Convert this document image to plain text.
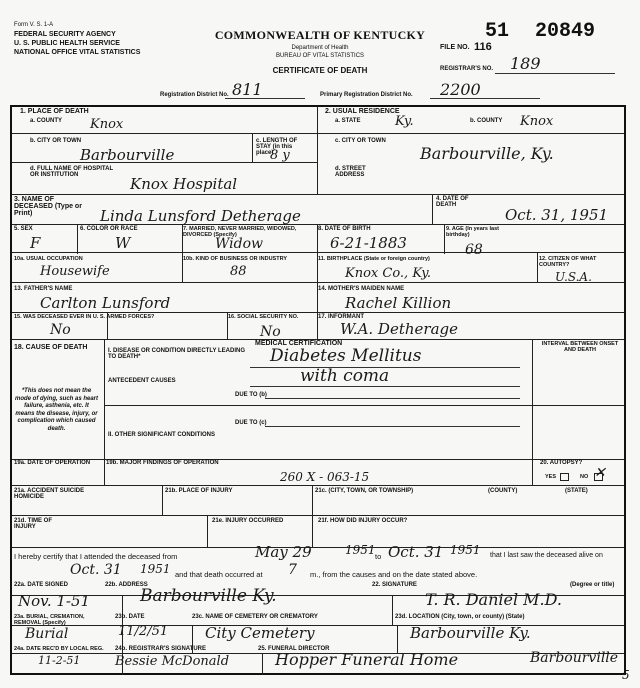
Form V. S. 1-A
FEDERAL SECURITY AGENCY
U. S. PUBLIC HEALTH SERVICE
NATIONAL OFFICE VITAL STATISTICS
COMMONWEALTH OF KENTUCKY
Department of Health
BUREAU OF VITAL STATISTICS
CERTIFICATE OF DEATH
51 20849
FILE NO. 116
REGISTRAR'S NO. 189
Registration District No. 811	Primary Registration District No. 2200
1. PLACE OF DEATH
a. COUNTY Knox
2. USUAL RESIDENCE
a. STATE	Ky.	b. COUNTY Knox
b. CITY OR TOWN
Barbourville
c. LENGTH OF STAY (in this place)
8 y
c. CITY OR TOWN
Barbourville, Ky.
d. FULL NAME OF HOSPITAL OR INSTITUTION	Knox Hospital
d. STREET ADDRESS
3. NAME OF DECEASED (Type or Print)	Linda Lunsford Detherage
4. DATE OF DEATH
Oct. 31, 1951
5. SEX
F
6. COLOR OR RACE
W
7. MARRIED, NEVER MARRIED, WIDOWED, DIVORCED (Specify)
Widow
8. DATE OF BIRTH
6-21-1883
9. AGE (In years last birthday)
68
10a. USUAL OCCUPATION
Housewife
10b. KIND OF BUSINESS OR INDUSTRY
88
11. BIRTHPLACE (State or foreign country)
Knox Co., Ky.
12. CITIZEN OF WHAT COUNTRY?
U.S.A.
13. FATHER'S NAME
Carlton Lunsford
14. MOTHER'S MAIDEN NAME
Rachel Killion
15. WAS DECEASED EVER IN U. S. ARMED FORCES?
No
16. SOCIAL SECURITY NO.
No
17. INFORMANT
W.A. Detherage
MEDICAL CERTIFICATION
18. CAUSE OF DEATH	I. DISEASE OR CONDITION DIRECTLY LEADING TO DEATH*	Diabetes Mellitus
with coma
ANTECEDENT CAUSES
DUE TO (b)
DUE TO (c)
II. OTHER SIGNIFICANT CONDITIONS
INTERVAL BETWEEN ONSET AND DEATH
*This does not mean the mode of dying, such as heart failure, asthenia, etc. It means the disease, injury, or complication which caused death.
19a. DATE OF OPERATION	19b. MAJOR FINDINGS OF OPERATION
260 X - 063-15
20. AUTOPSY?
YES	NO ✕
21a. ACCIDENT SUICIDE HOMICIDE
21b. PLACE OF INJURY	21c. (CITY, TOWN, OR TOWNSHIP)	(COUNTY)	(STATE)
21d. TIME OF INJURY
21e. INJURY OCCURRED	21f. HOW DID INJURY OCCUR?
I hereby certify that I attended the deceased from	May 29	1951 to Oct. 31 1951 that I last saw the deceased alive on
Oct. 31 1951 and that death occurred at 7 m., from the causes and on the date stated above.
22a. DATE SIGNED
Nov. 1-51
22b. ADDRESS
Barbourville Ky.
22. SIGNATURE
T. R. Daniel M.D.
(Degree or title)
23a. BURIAL, CREMATION, REMOVAL (Specify)
Burial
23b. DATE
11/2/51
23c. NAME OF CEMETERY OR CREMATORY
City Cemetery
23d. LOCATION (City, town, or county) (State)
Barbourville Ky.
24a. DATE REC'D BY LOCAL REG.
11-2-51
24b. REGISTRAR'S SIGNATURE
Bessie McDonald
25. FUNERAL DIRECTOR
Hopper Funeral Home	Barbourville
5
